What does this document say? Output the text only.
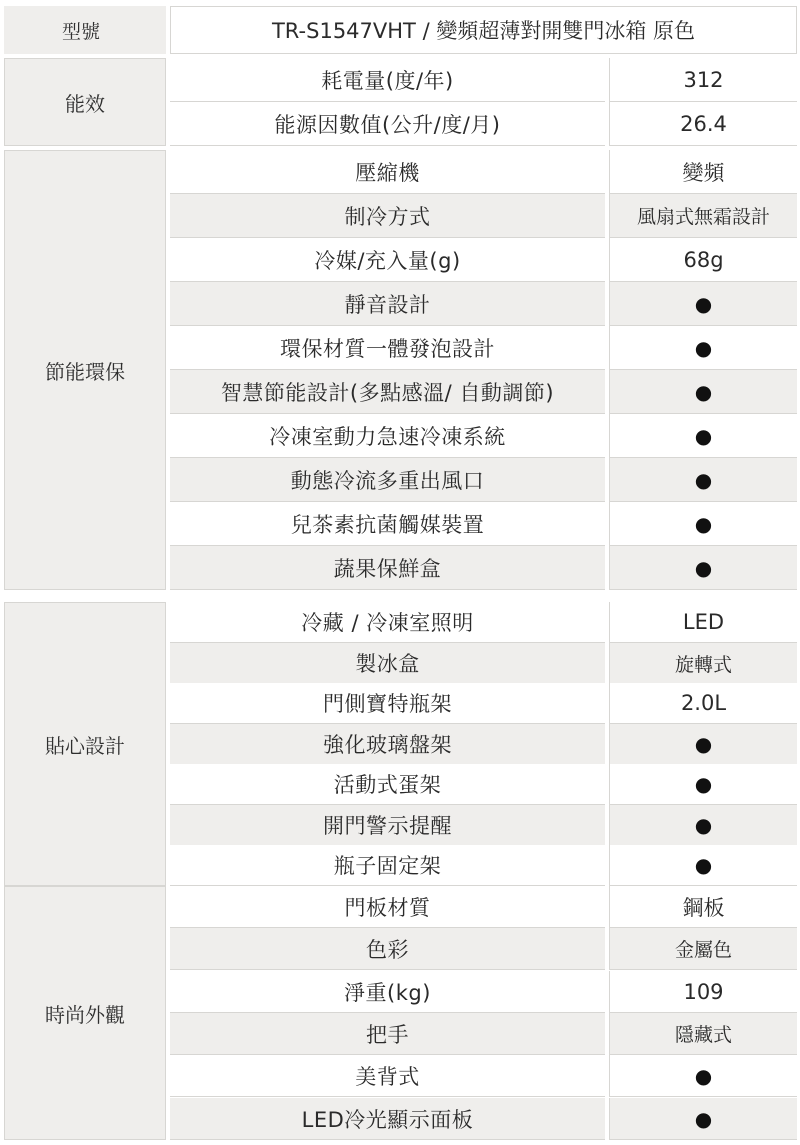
型號	TR-S1547VHT / 變頻超薄對開雙門冰箱 原色
能效
耗電量(度/年)	312
能源因數值(公升/度/月)	26.4
節能環保
壓縮機	變頻
制冷方式	風扇式無霜設計
冷媒/充入量(g)	68g
靜音設計	●
環保材質一體發泡設計	●
智慧節能設計(多點感溫/ 自動調節)	●
冷凍室動力急速冷凍系統	●
動態冷流多重出風口	●
兒茶素抗菌觸媒裝置	●
蔬果保鮮盒	●
貼心設計
冷藏 / 冷凍室照明	LED
製冰盒	旋轉式
門側寶特瓶架	2.0L
強化玻璃盤架	●
活動式蛋架	●
開門警示提醒	●
瓶子固定架	●
時尚外觀
門板材質	鋼板
色彩	金屬色
淨重(kg)	109
把手	隱藏式
美背式	●
LED冷光顯示面板	●
